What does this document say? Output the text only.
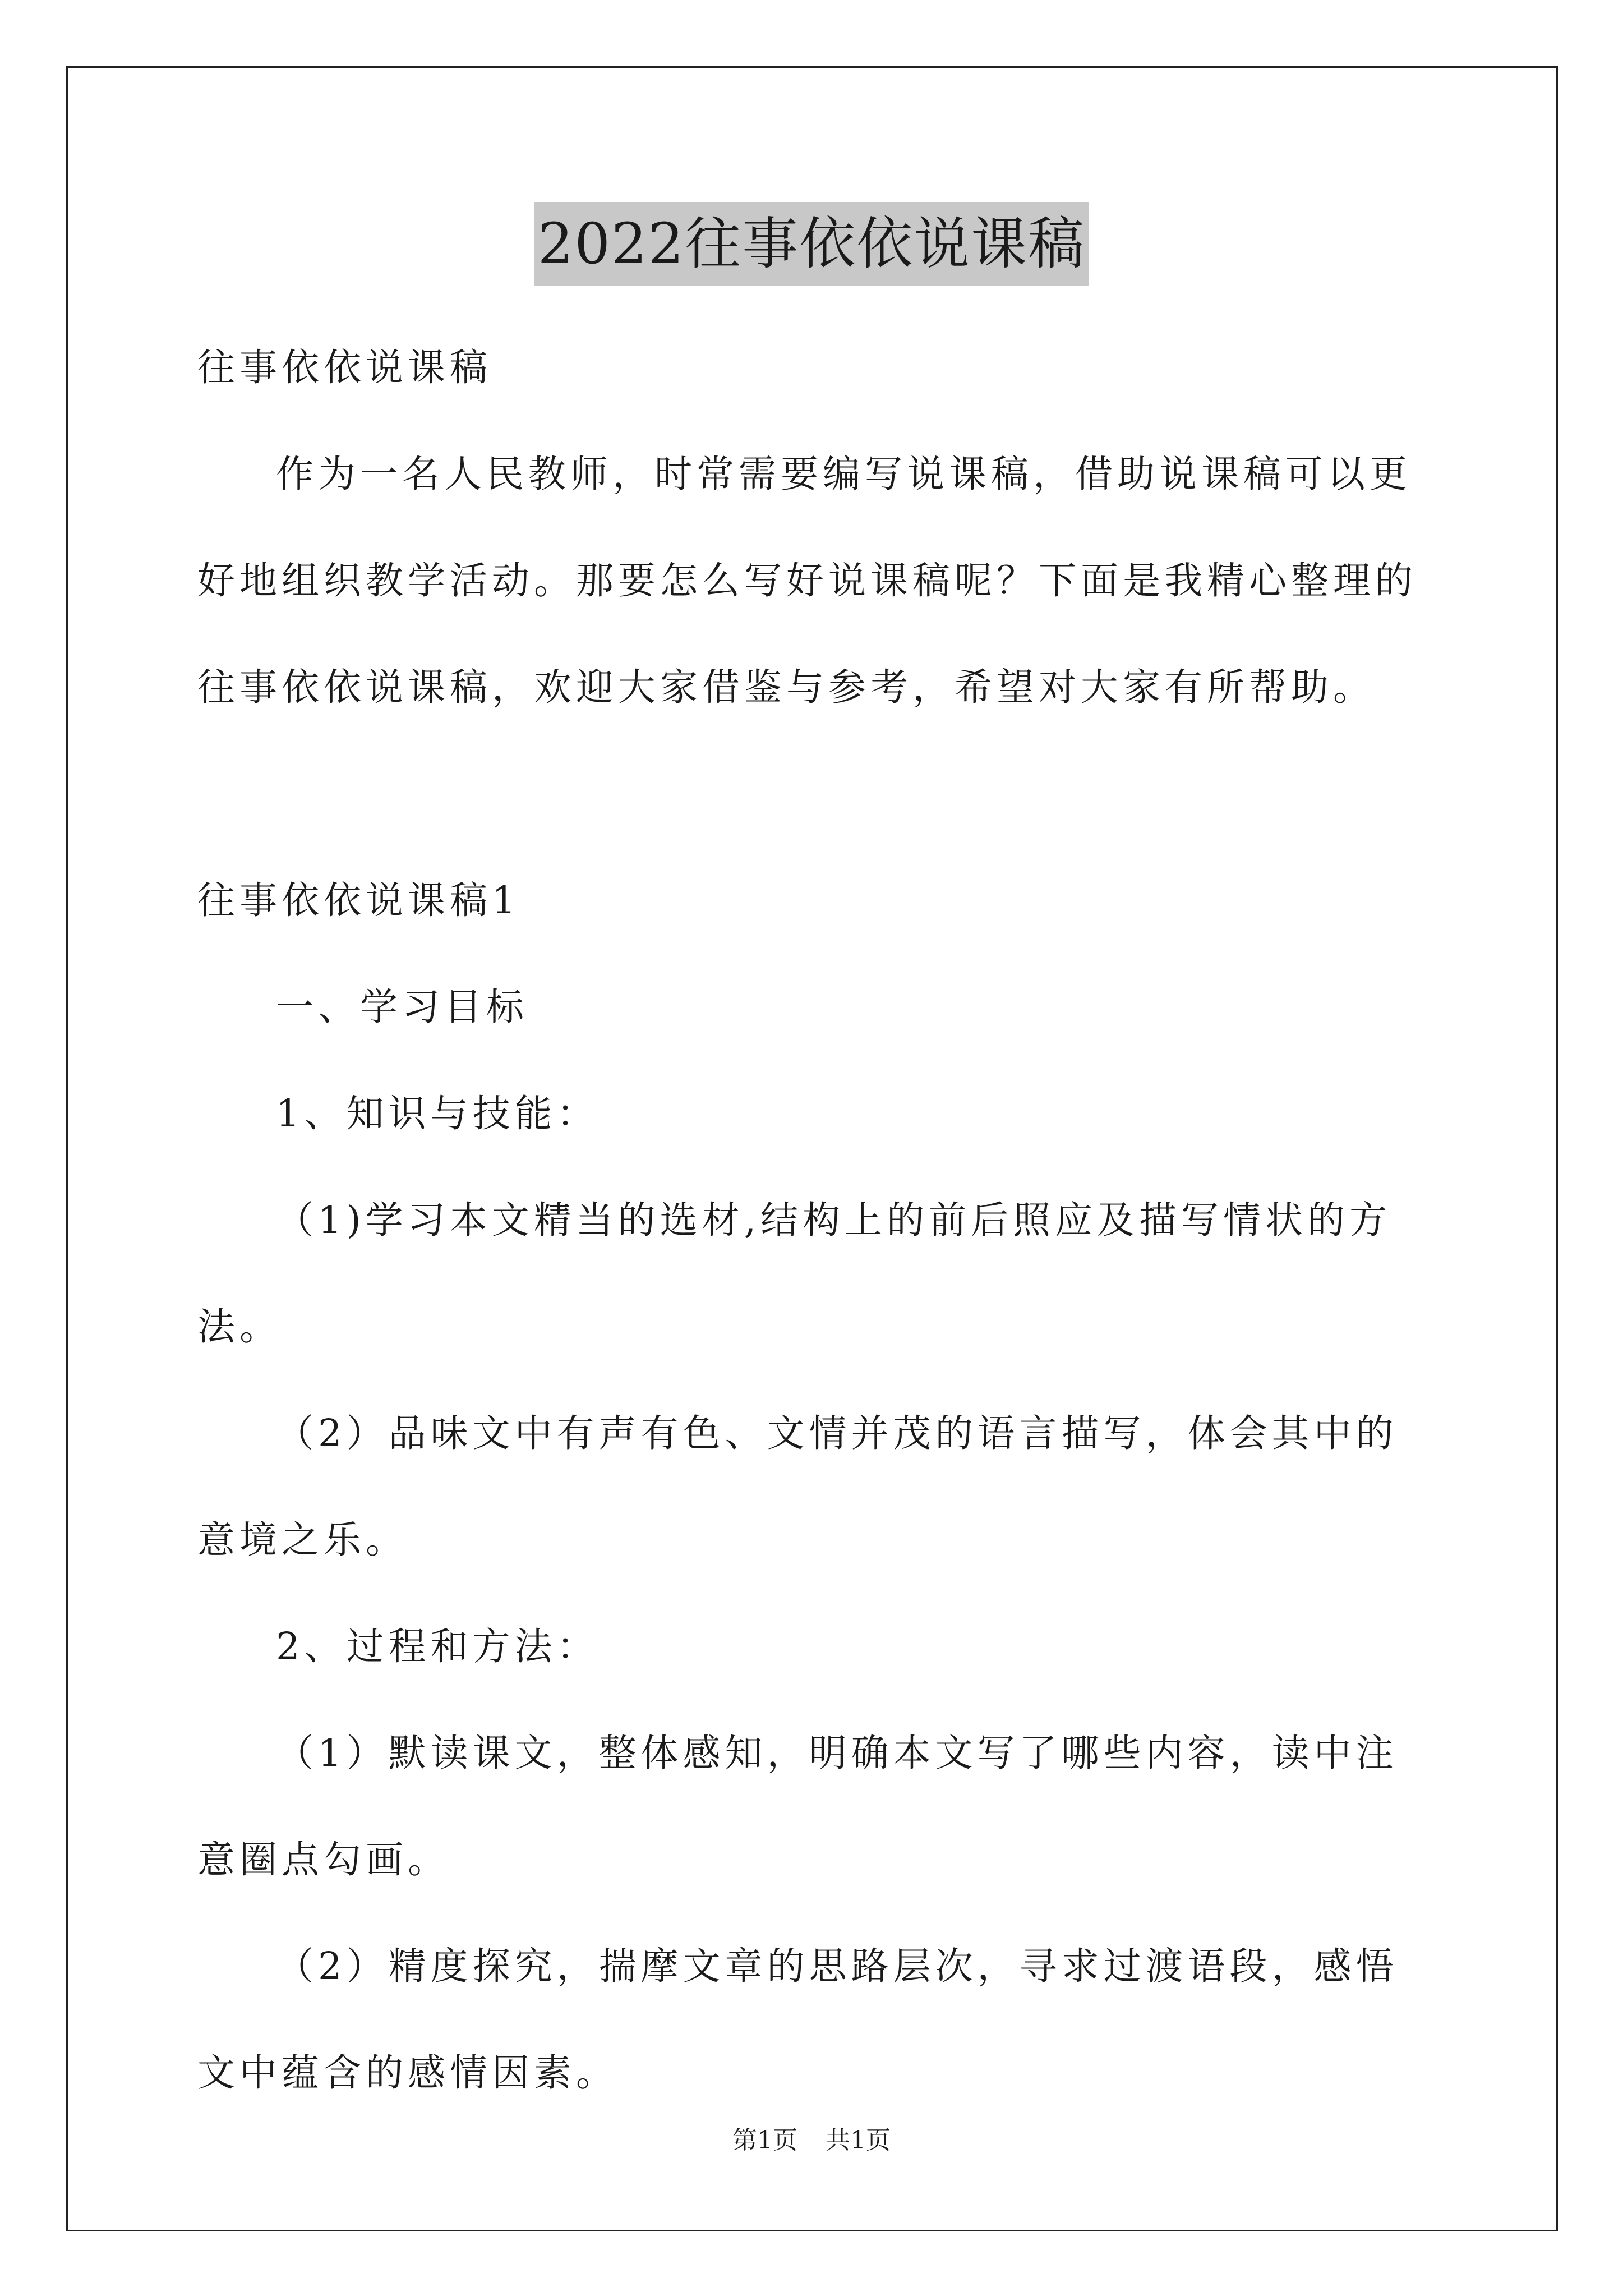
2022往事依依说课稿

往事依依说课稿

作为一名人民教师，时常需要编写说课稿，借助说课稿可以更好地组织教学活动。那要怎么写好说课稿呢？下面是我精心整理的往事依依说课稿，欢迎大家借鉴与参考，希望对大家有所帮助。

往事依依说课稿1

一、学习目标

1、知识与技能：

（1)学习本文精当的选材,结构上的前后照应及描写情状的方法。

（2）品味文中有声有色、文情并茂的语言描写，体会其中的意境之乐。

2、过程和方法：

（1）默读课文，整体感知，明确本文写了哪些内容，读中注意圈点勾画。

（2）精度探究，揣摩文章的思路层次，寻求过渡语段，感悟文中蕴含的感情因素。

第1页 共1页
